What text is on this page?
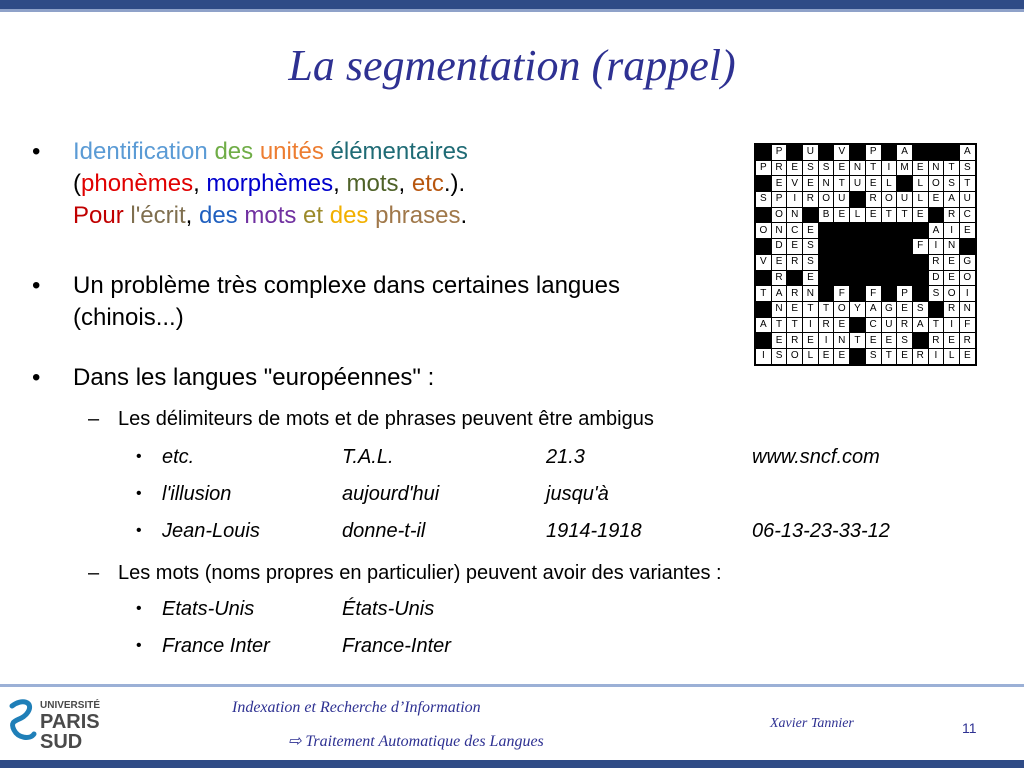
La segmentation (rappel)
• Identification des unités élémentaires
(phonèmes, morphèmes, mots, etc.).
Pour l'écrit, des mots et des phrases.
• Un problème très complexe dans certaines langues (chinois...)
• Dans les langues "européennes" :
– Les délimiteurs de mots et de phrases peuvent être ambigus
• etc.	T.A.L.	21.3	www.sncf.com
• l'illusion	aujourd'hui	jusqu'à
• Jean-Louis	donne-t-il	1914-1918	06-13-23-33-12
– Les mots (noms propres en particulier) peuvent avoir des variantes :
• Etats-Unis	États-Unis
• France Inter	France-Inter
	P		U		V		P		A				A
P	R	E	S	S	E	N	T	I	M	E	N	T	S
	E	V	E	N	T	U	E	L		L	O	S	T
S	P	I	R	O	U		R	O	U	L	E	A	U
	O	N		B	E	L	E	T	T	E		R	C
O	N	C	E								A	I	E
	D	E	S							F	I	N	
V	E	R	S								R	E	G
	R		E								D	E	O
T	A	R	N		F		F		P		S	O	I
	N	E	T	T	O	Y	A	G	E	S		R	N
A	T	T	I	R	E		C	U	R	A	T	I	F
	E	R	E	I	N	T	E	E	S		R	E	R
I	S	O	L	E	E		S	T	E	R	I	L	E
UNIVERSITÉ
PARIS
SUD
Indexation et Recherche d’Information
⇨ Traitement Automatique des Langues
Xavier Tannier	11
